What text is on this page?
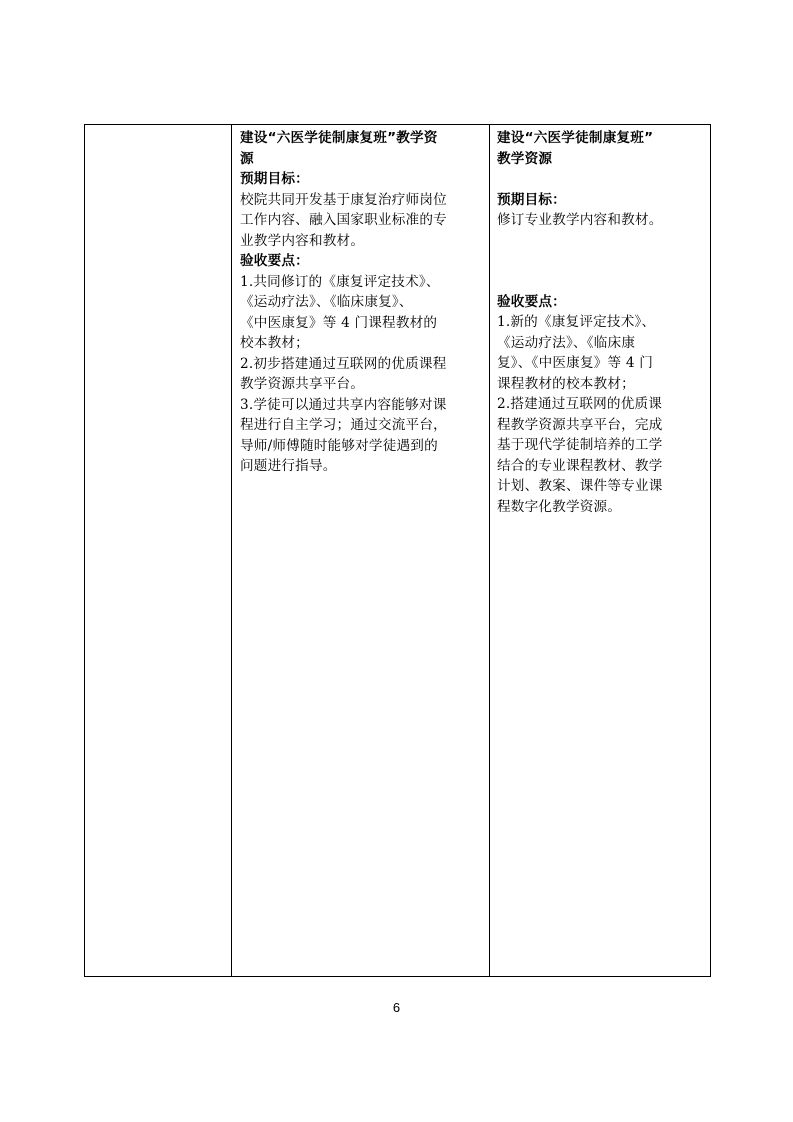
建设“六医学徒制康复班”教学资
源
预期目标：
校院共同开发基于康复治疗师岗位
工作内容、融入国家职业标准的专
业教学内容和教材。
验收要点：
1.共同修订的《康复评定技术》、
《运动疗法》、《临床康复》、
《中医康复》等 4 门课程教材的
校本教材；
2.初步搭建通过互联网的优质课程
教学资源共享平台。
3.学徒可以通过共享内容能够对课
程进行自主学习；通过交流平台，
导师/师傅随时能够对学徒遇到的
问题进行指导。
建设“六医学徒制康复班”
教学资源
预期目标：
修订专业教学内容和教材。
验收要点：
1.新的《康复评定技术》、
《运动疗法》、《临床康
复》、《中医康复》等 4 门
课程教材的校本教材；
2.搭建通过互联网的优质课
程教学资源共享平台，完成
基于现代学徒制培养的工学
结合的专业课程教材、教学
计划、教案、课件等专业课
程数字化教学资源。
6
